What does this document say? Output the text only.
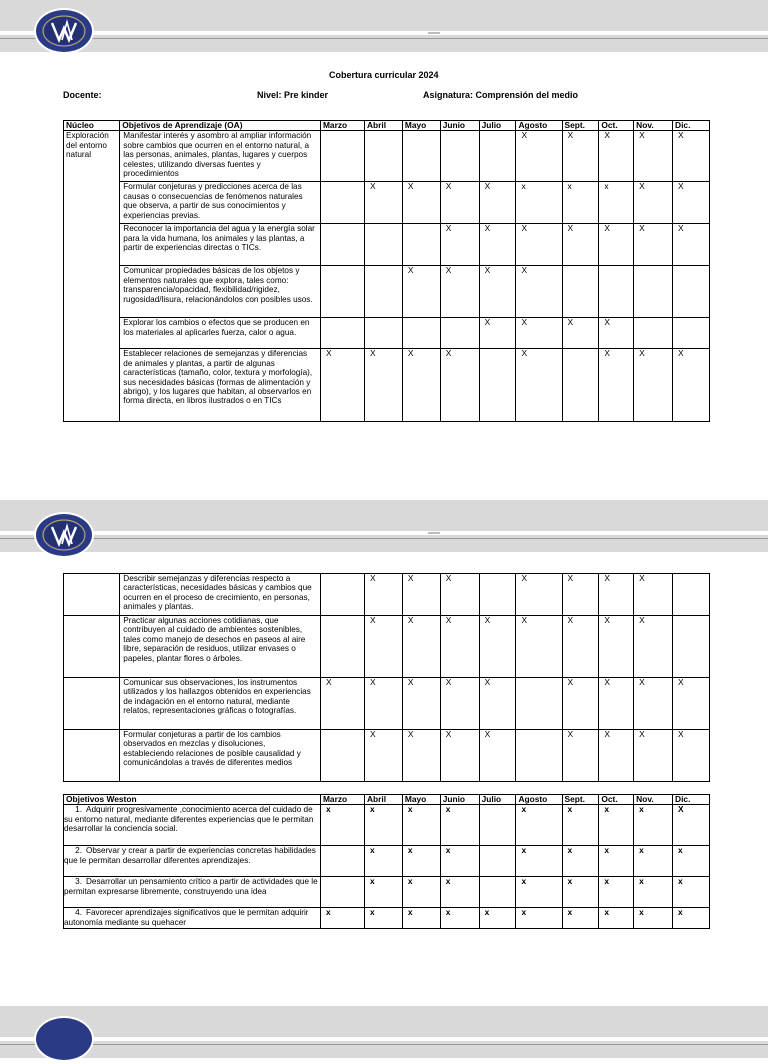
Cobertura curricular 2024
Docente:	Nivel: Pre kinder	Asignatura: Comprensión del medio
Núcleo	Objetivos de Aprendizaje (OA)	Marzo	Abril	Mayo	Junio	Julio	Agosto	Sept.	Oct.	Nov.	Dic.
Exploración del entorno natural	Manifestar interés y asombro al ampliar información sobre cambios que ocurren en el entorno natural, a las personas, animales, plantas, lugares y cuerpos celestes, utilizando diversas fuentes y procedimientos						X	X	X	X	X
	Formular conjeturas y predicciones acerca de las causas o consecuencias de fenómenos naturales que observa, a partir de sus conocimientos y experiencias previas.		X	X	X	X	x	x	x	X	X
	Reconocer la importancia del agua y la energía solar para la vida humana, los animales y las plantas, a partir de experiencias directas o TICs.				X	X	X	X	X	X	X
	Comunicar propiedades básicas de los objetos y elementos naturales que explora, tales como: transparencia/opacidad, flexibilidad/rigidez, rugosidad/lisura, relacionándolos con posibles usos.			X	X	X	X				
	Explorar los cambios o efectos que se producen en los materiales al aplicarles fuerza, calor o agua.					X	X	X	X		
	Establecer relaciones de semejanzas y diferencias de animales y plantas, a partir de algunas características (tamaño, color, textura y morfología), sus necesidades básicas (formas de alimentación y abrigo), y los lugares que habitan, al observarlos en forma directa, en libros ilustrados o en TICs	X	X	X	X		X		X	X	X
	Describir semejanzas y diferencias respecto a características, necesidades básicas y cambios que ocurren en el proceso de crecimiento, en personas, animales y plantas.		X	X	X		X	X	X	X	
	Practicar algunas acciones cotidianas, que contribuyen al cuidado de ambientes sostenibles, tales como manejo de desechos en paseos al aire libre, separación de residuos, utilizar envases o papeles, plantar flores o árboles.		X	X	X	X	X	X	X	X	
	Comunicar sus observaciones, los instrumentos utilizados y los hallazgos obtenidos en experiencias de indagación en el entorno natural, mediante relatos, representaciones gráficas o fotografías.	X	X	X	X	X		X	X	X	X
	Formular conjeturas a partir de los cambios observados en mezclas y disoluciones, estableciendo relaciones de posible causalidad y comunicándolas a través de diferentes medios		X	X	X	X		X	X	X	X
Objetivos Weston	Marzo	Abril	Mayo	Junio	Julio	Agosto	Sept.	Oct.	Nov.	Dic.
1. Adquirir progresivamente ,conocimiento acerca del cuidado de su entorno natural, mediante diferentes experiencias que le permitan desarrollar la conciencia social.	x	x	x	x		x	x	x	x	X
2. Observar y crear a partir de experiencias concretas habilidades que le permitan desarrollar diferentes aprendizajes.		x	x	x		x	x	x	x	x
3. Desarrollar un pensamiento crítico a partir de actividades que le permitan expresarse libremente, construyendo una idea		x	x	x		x	x	x	x	x
4. Favorecer aprendizajes significativos que le permitan adquirir autonomía mediante su quehacer	x	x	x	x	x	x	x	x	x	x
